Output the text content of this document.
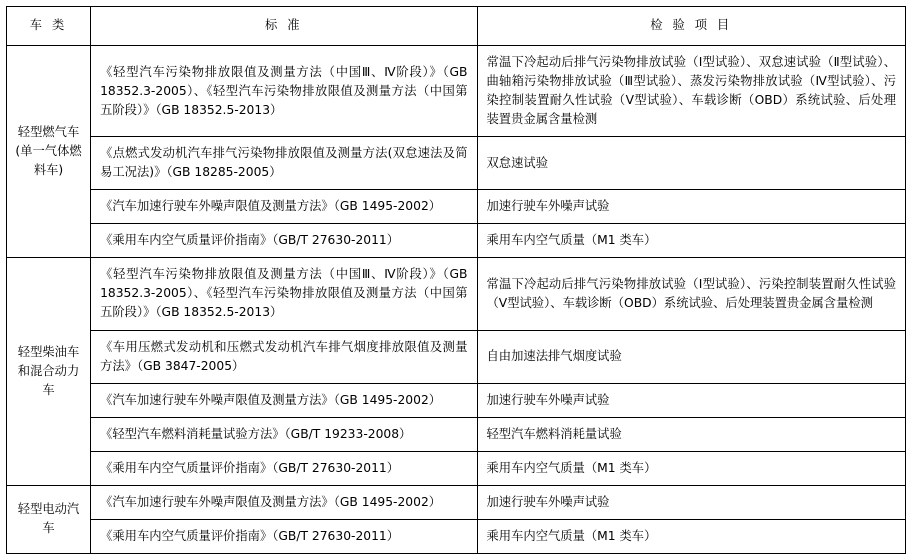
车 类	标 准	检 验 项 目
轻型燃气车(单一气体燃料车)	《轻型汽车污染物排放限值及测量方法（中国Ⅲ、Ⅳ阶段）》（GB 18352.3-2005）、《轻型汽车污染物排放限值及测量方法（中国第五阶段）》（GB 18352.5-2013）	常温下冷起动后排气污染物排放试验（Ⅰ型试验）、双怠速试验（Ⅱ型试验）、曲轴箱污染物排放试验（Ⅲ型试验）、蒸发污染物排放试验（Ⅳ型试验）、污染控制装置耐久性试验（Ⅴ型试验）、车载诊断（OBD）系统试验、后处理装置贵金属含量检测
	《点燃式发动机汽车排气污染物排放限值及测量方法(双怠速法及简易工况法)》（GB 18285-2005）	双怠速试验
	《汽车加速行驶车外噪声限值及测量方法》（GB 1495-2002）	加速行驶车外噪声试验
	《乘用车内空气质量评价指南》（GB/T 27630-2011）	乘用车内空气质量（M1 类车）
轻型柴油车和混合动力车	《轻型汽车污染物排放限值及测量方法（中国Ⅲ、Ⅳ阶段）》（GB 18352.3-2005）、《轻型汽车污染物排放限值及测量方法（中国第五阶段）》（GB 18352.5-2013）	常温下冷起动后排气污染物排放试验（Ⅰ型试验）、污染控制装置耐久性试验（Ⅴ型试验）、车载诊断（OBD）系统试验、后处理装置贵金属含量检测
	《车用压燃式发动机和压燃式发动机汽车排气烟度排放限值及测量方法》（GB 3847-2005）	自由加速法排气烟度试验
	《汽车加速行驶车外噪声限值及测量方法》（GB 1495-2002）	加速行驶车外噪声试验
	《轻型汽车燃料消耗量试验方法》（GB/T 19233-2008）	轻型汽车燃料消耗量试验
	《乘用车内空气质量评价指南》（GB/T 27630-2011）	乘用车内空气质量（M1 类车）
轻型电动汽车	《汽车加速行驶车外噪声限值及测量方法》（GB 1495-2002）	加速行驶车外噪声试验
	《乘用车内空气质量评价指南》（GB/T 27630-2011）	乘用车内空气质量（M1 类车）
